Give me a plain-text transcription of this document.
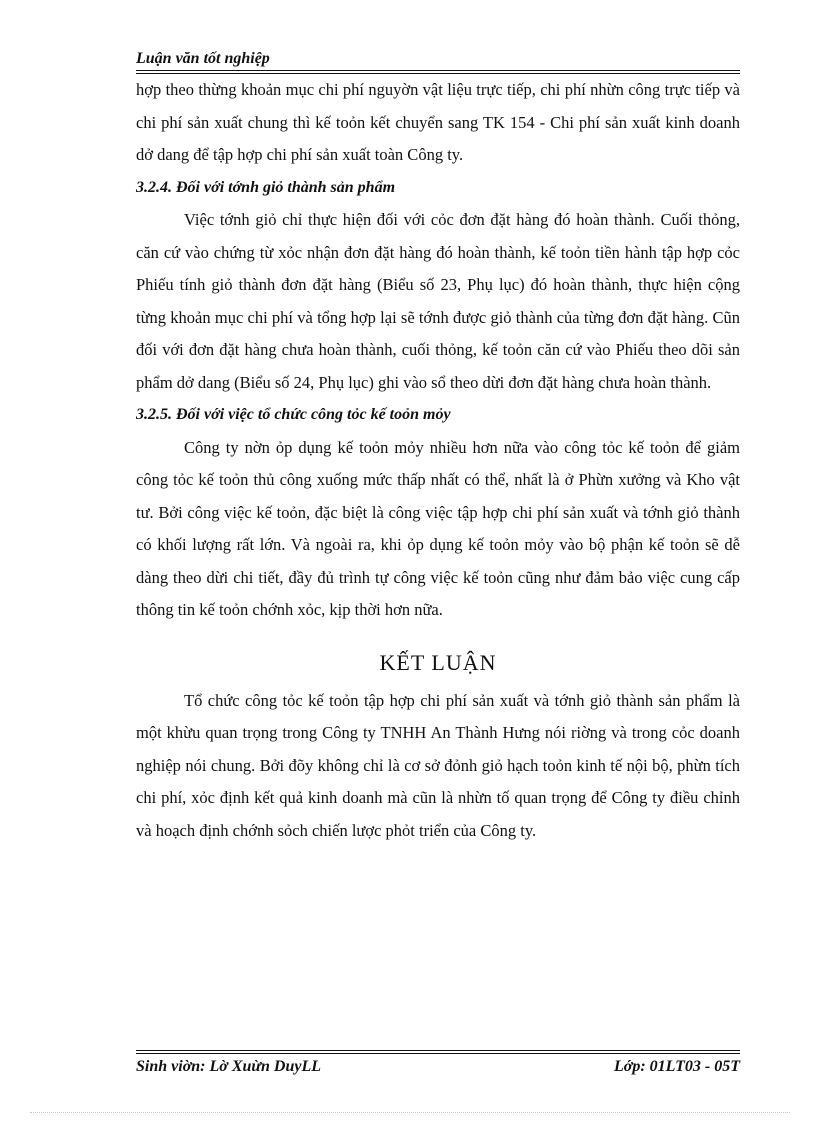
Luận văn tốt nghiệp

hợp theo thừng khoản mục chi phí nguyờn vật liệu trực tiếp, chi phí nhừn công trực tiếp và chi phí sản xuất chung thì kế toỏn kết chuyển sang TK 154 - Chi phí sản xuất kinh doanh dở dang để tập hợp chi phí sản xuất toàn Công ty.

3.2.4. Đối với tớnh giỏ thành sản phẩm

Việc tớnh giỏ chỉ thực hiện đối với cỏc đơn đặt hàng đó hoàn thành. Cuối thỏng, căn cứ vào chứng từ xỏc nhận đơn đặt hàng đó hoàn thành, kế toỏn tiền hành tập hợp cỏc Phiếu tính giỏ thành đơn đặt hàng (Biểu số 23, Phụ lục) đó hoàn thành, thực hiện cộng từng khoản mục chi phí và tổng hợp lại sẽ tớnh được giỏ thành của từng đơn đặt hàng. Cũn đối với đơn đặt hàng chưa hoàn thành, cuối thỏng, kế toỏn căn cứ vào Phiếu theo dõi sản phẩm dở dang (Biểu số 24, Phụ lục) ghi vào sổ theo dừi đơn đặt hàng chưa hoàn thành.

3.2.5. Đối với việc tổ chức công tỏc kế toỏn mỏy

Công ty nờn ỏp dụng kế toỏn mỏy nhiều hơn nữa vào công tỏc kế toỏn để giảm công tỏc kế toỏn thủ công xuống mức thấp nhất có thể, nhất là ở Phừn xưởng và Kho vật tư. Bởi công việc kế toỏn, đặc biệt là công việc tập hợp chi phí sản xuất và tớnh giỏ thành có khối lượng rất lớn. Và ngoài ra, khi ỏp dụng kế toỏn mỏy vào bộ phận kế toỏn sẽ dễ dàng theo dừi chi tiết, đầy đủ trình tự công việc kế toỏn cũng như đảm bảo việc cung cấp thông tin kế toỏn chớnh xỏc, kịp thời hơn nữa.

KẾT LUẬN

Tổ chức công tỏc kế toỏn tập hợp chi phí sản xuất và tớnh giỏ thành sản phẩm là một khừu quan trọng trong Công ty TNHH An Thành Hưng nói riờng và trong cỏc doanh nghiệp nói chung. Bởi đõy không chỉ là cơ sở đỏnh giỏ hạch toỏn kinh tế nội bộ, phừn tích chi phí, xỏc định kết quả kinh doanh mà cũn là nhừn tố quan trọng để Công ty điều chỉnh và hoạch định chớnh sỏch chiến lược phỏt triển của Công ty.

Sinh viờn: Lờ Xuừn DuyLL	Lớp: 01LT03 - 05T
